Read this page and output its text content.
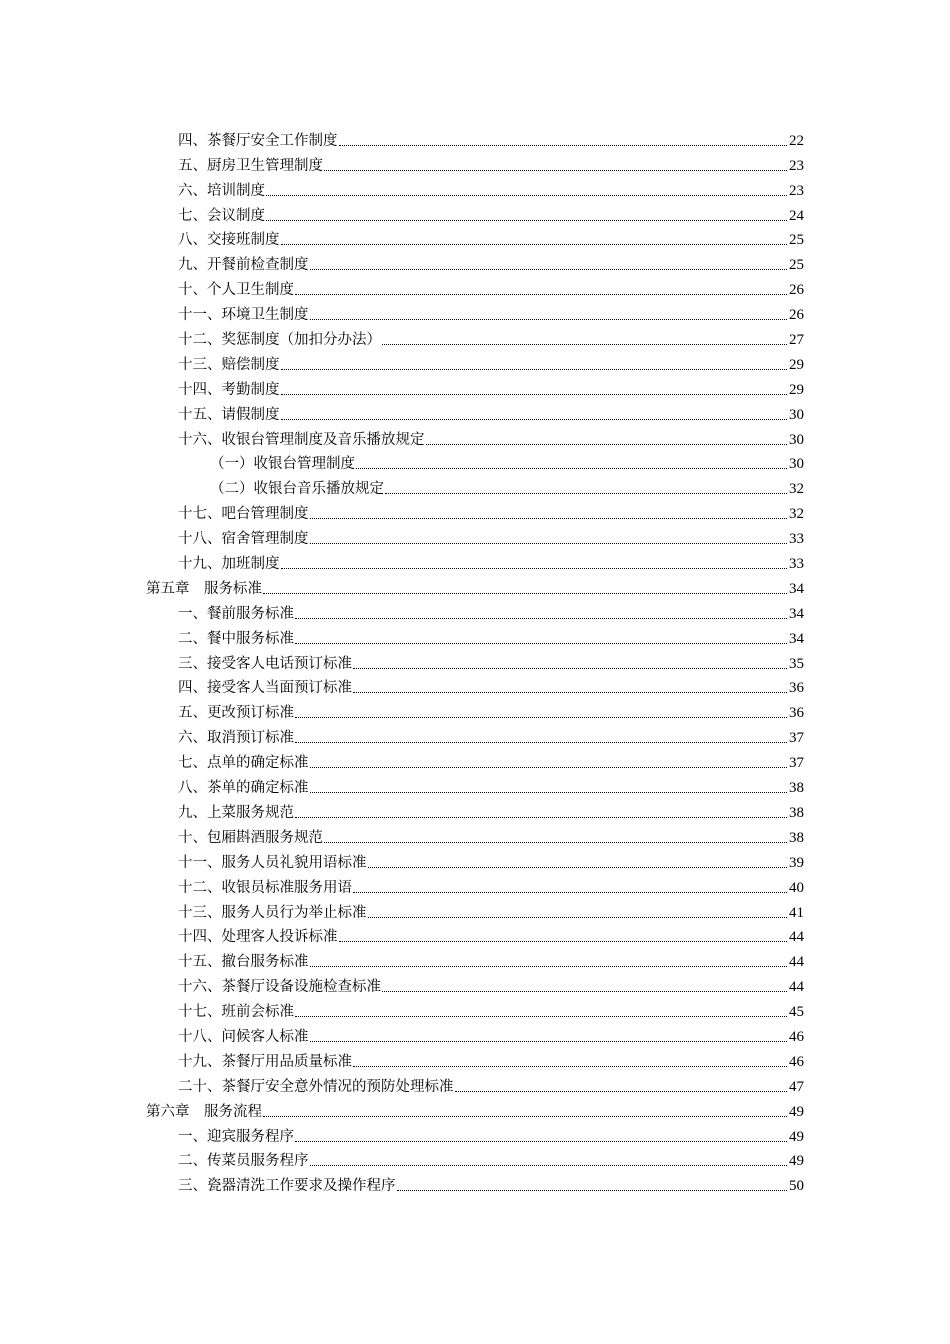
四、茶餐厅安全工作制度	22
五、厨房卫生管理制度	23
六、培训制度	23
七、会议制度	24
八、交接班制度	25
九、开餐前检查制度	25
十、个人卫生制度	26
十一、环境卫生制度	26
十二、奖惩制度（加扣分办法）	27
十三、赔偿制度	29
十四、考勤制度	29
十五、请假制度	30
十六、收银台管理制度及音乐播放规定	30
（一）收银台管理制度	30
（二）收银台音乐播放规定	32
十七、吧台管理制度	32
十八、宿舍管理制度	33
十九、加班制度	33
第五章　服务标准	34
一、餐前服务标准	34
二、餐中服务标准	34
三、接受客人电话预订标准	35
四、接受客人当面预订标准	36
五、更改预订标准	36
六、取消预订标准	37
七、点单的确定标准	37
八、茶单的确定标准	38
九、上菜服务规范	38
十、包厢斟酒服务规范	38
十一、服务人员礼貌用语标准	39
十二、收银员标准服务用语	40
十三、服务人员行为举止标准	41
十四、处理客人投诉标准	44
十五、撤台服务标准	44
十六、茶餐厅设备设施检查标准	44
十七、班前会标准	45
十八、问候客人标准	46
十九、茶餐厅用品质量标准	46
二十、茶餐厅安全意外情况的预防处理标准	47
第六章　服务流程	49
一、迎宾服务程序	49
二、传菜员服务程序	49
三、瓷器清洗工作要求及操作程序	50
